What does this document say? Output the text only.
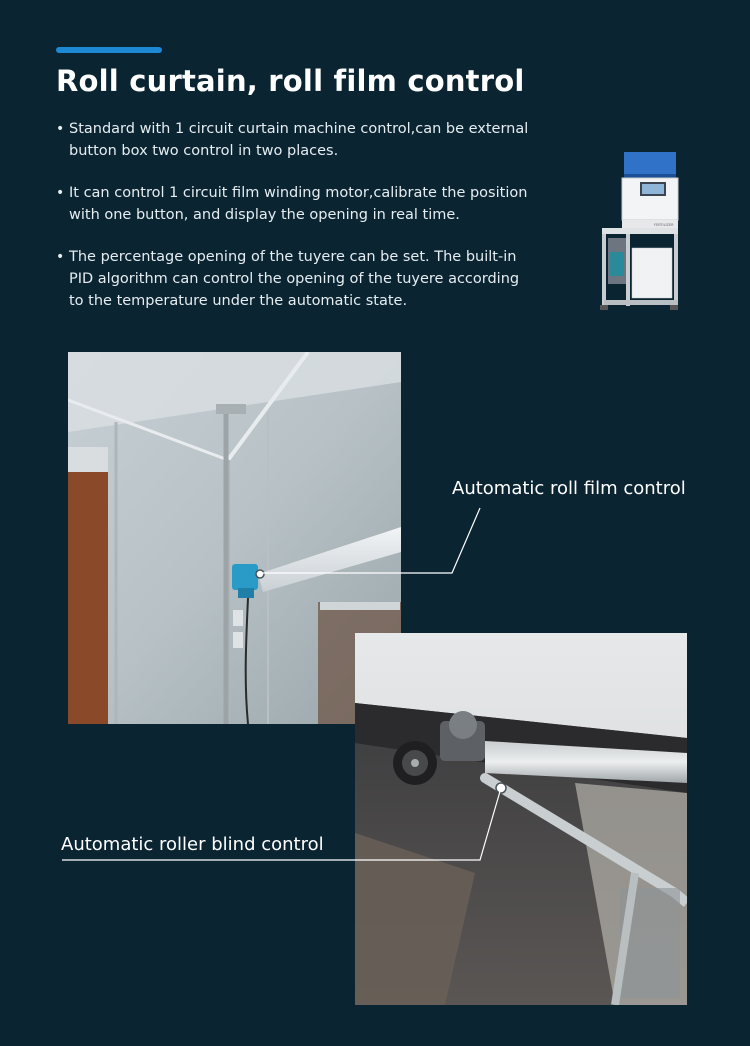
Roll curtain, roll film control
• Standard with 1 circuit curtain machine control,can be external button box two control in two places.
• It can control 1 circuit film winding motor,calibrate the position with one button, and display the opening in real time.
• The percentage opening of the tuyere can be set. The built-in PID algorithm can control the opening of the tuyere according to the temperature under the automatic state.
FERTILIZER
Automatic roll film control
Automatic roller blind control
